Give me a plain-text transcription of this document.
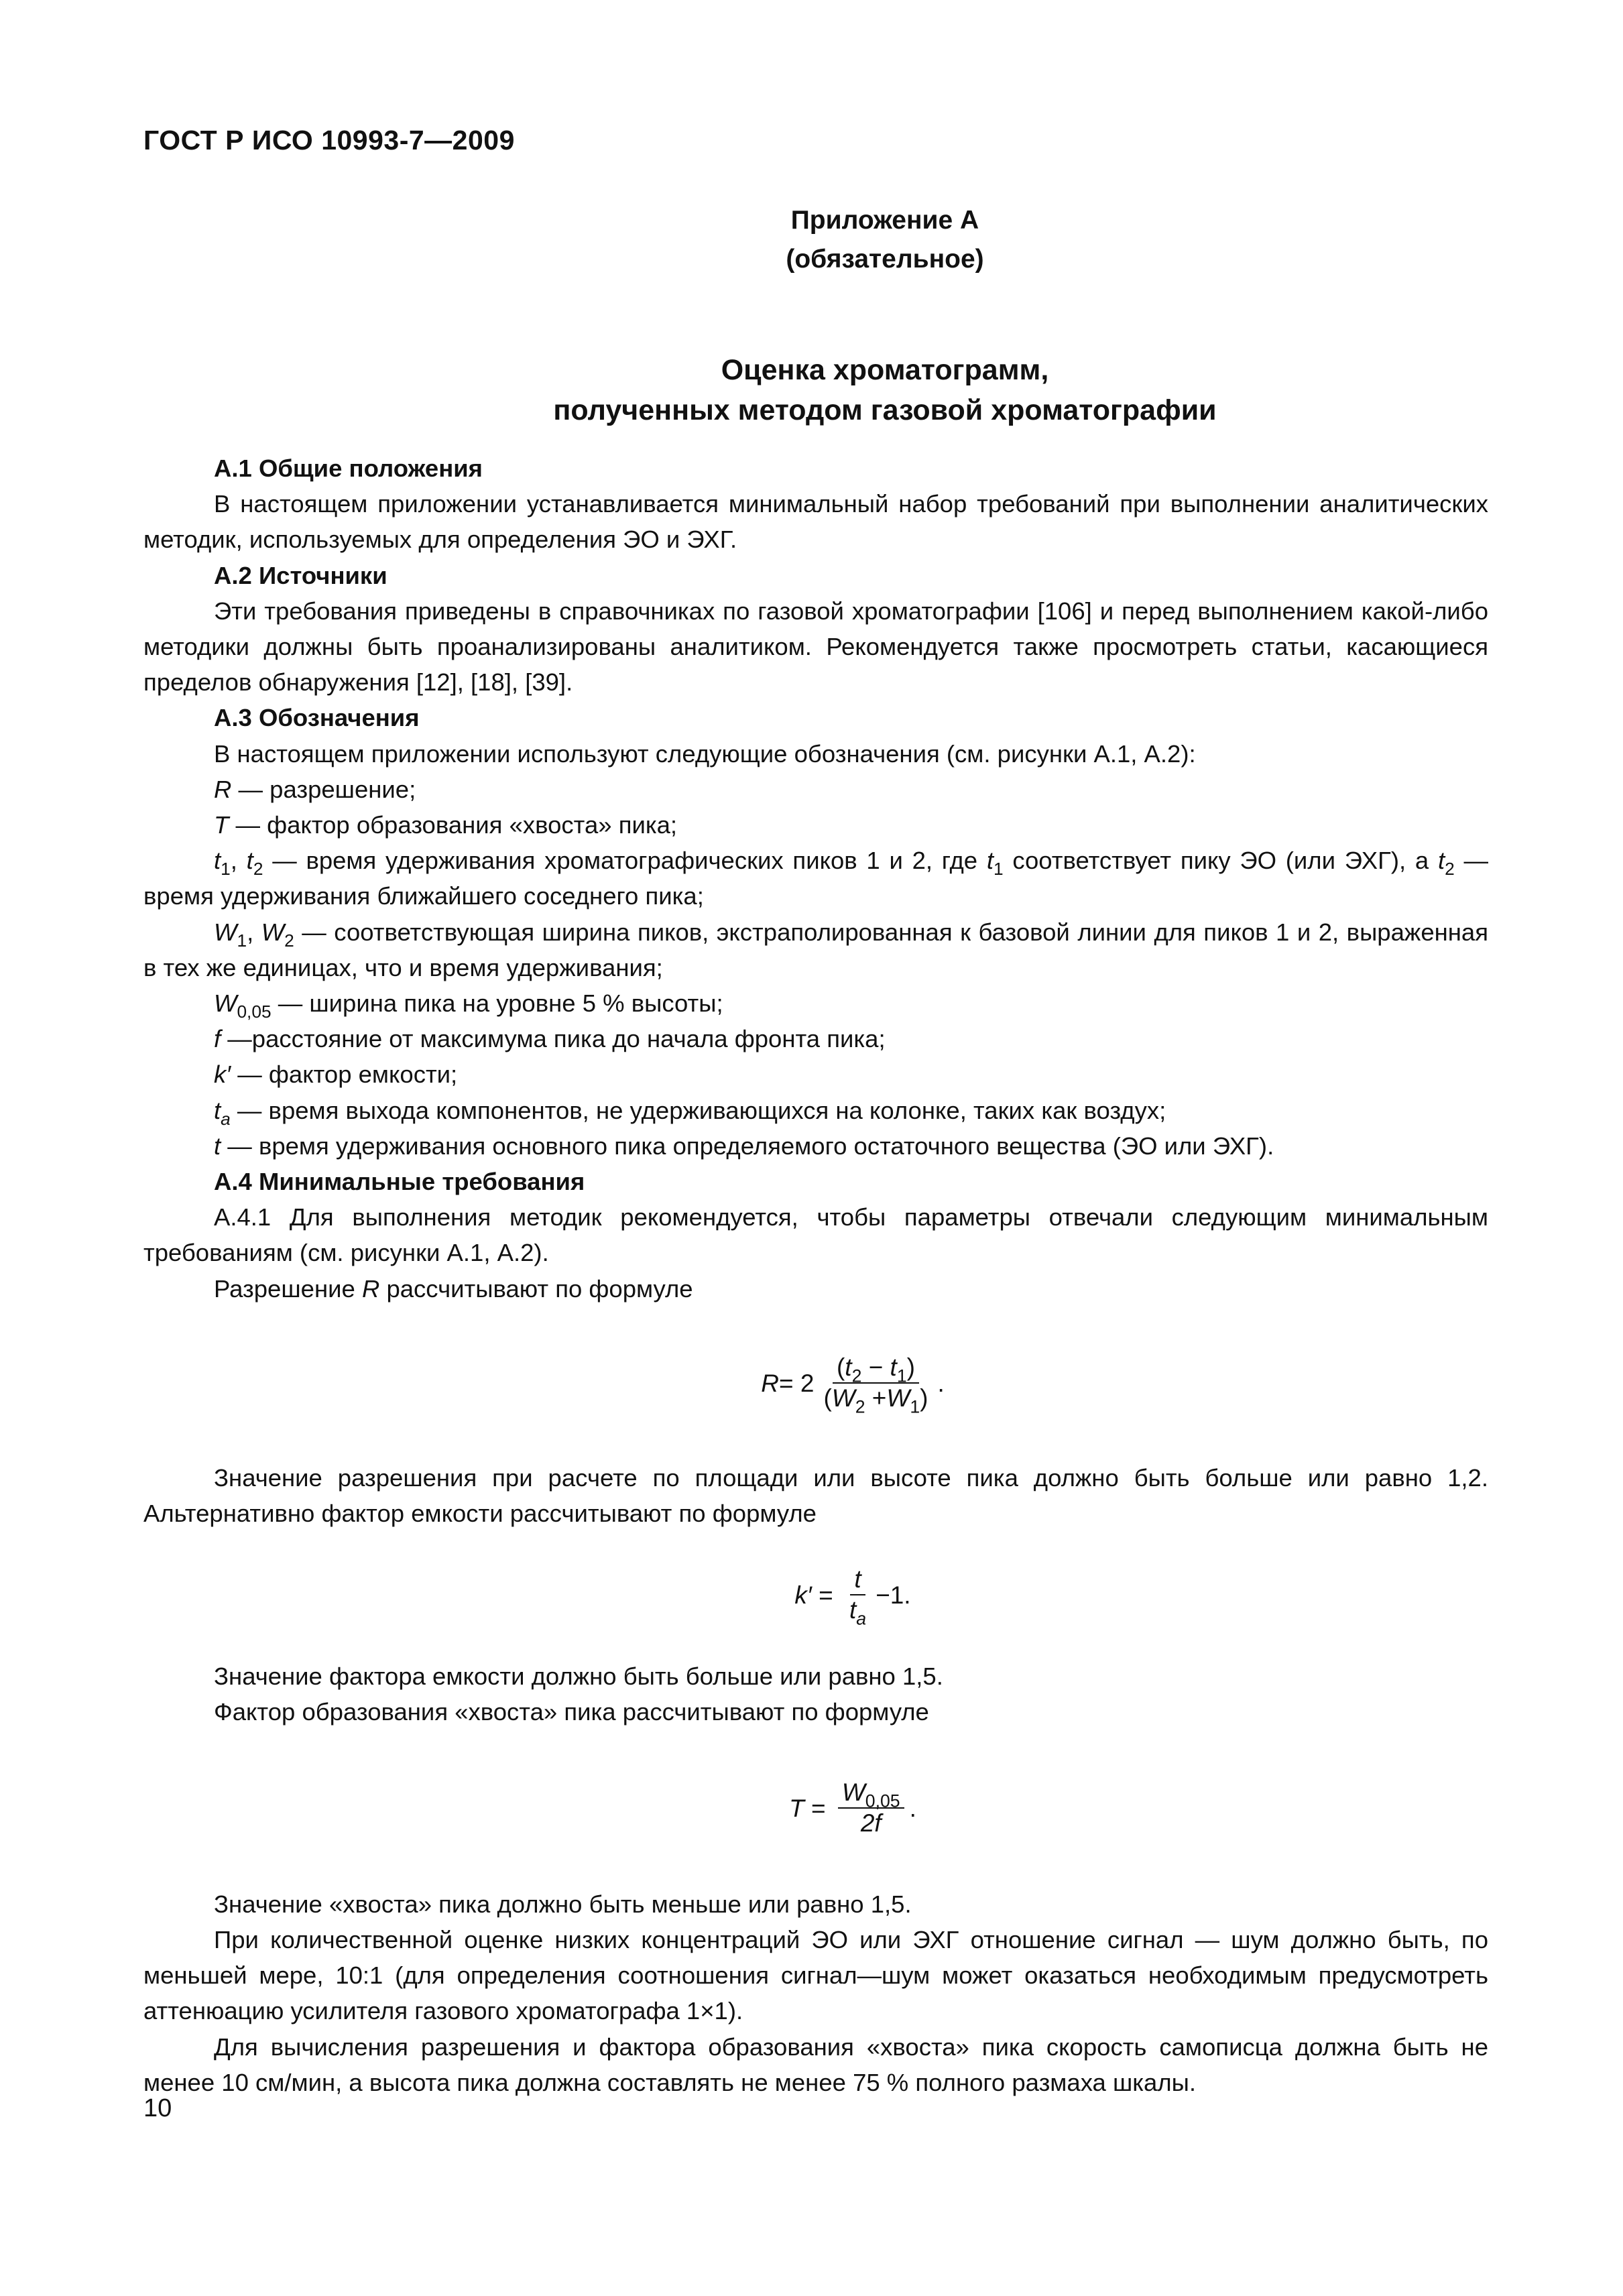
ГОСТ Р ИСО 10993-7—2009
Приложение А
(обязательное)
Оценка хроматограмм,
полученных методом газовой хроматографии

А.1 Общие положения

В настоящем приложении устанавливается минимальный набор требований при выполнении аналитических методик, используемых для определения ЭО и ЭХГ.

А.2 Источники

Эти требования приведены в справочниках по газовой хроматографии [106] и перед выполнением какой-либо методики должны быть проанализированы аналитиком. Рекомендуется также просмотреть статьи, касающиеся пределов обнаружения [12], [18], [39].

А.3 Обозначения

В настоящем приложении используют следующие обозначения (см. рисунки А.1, А.2):

R — разрешение;

T — фактор образования «хвоста» пика;

$t_1$, $t_2$ — время удерживания хроматографических пиков 1 и 2, где $t_1$ соответствует пику ЭО (или ЭХГ), а $t_2$ — время удерживания ближайшего соседнего пика;

$W_1$, $W_2$ — соответствующая ширина пиков, экстраполированная к базовой линии для пиков 1 и 2, выраженная в тех же единицах, что и время удерживания;

$W_{0,05}$ — ширина пика на уровне 5 % высоты;

f —расстояние от максимума пика до начала фронта пика;

k′ — фактор емкости;

$t_a$ — время выхода компонентов, не удерживающихся на колонке, таких как воздух;

t — время удерживания основного пика определяемого остаточного вещества (ЭО или ЭХГ).

А.4 Минимальные требования

А.4.1 Для выполнения методик рекомендуется, чтобы параметры отвечали следующим минимальным требованиям (см. рисунки А.1, А.2).

Разрешение R рассчитывают по формуле

$R = 2 \frac{(t_2 - t_1)}{(W_2 +W_1)}$ .

Значение разрешения при расчете по площади или высоте пика должно быть больше или равно 1,2. Альтернативно фактор емкости рассчитывают по формуле

$k' = \frac{t}{t_a} -1$.

Значение фактора емкости должно быть больше или равно 1,5.

Фактор образования «хвоста» пика рассчитывают по формуле

$T = \frac{W_{0,05}}{2f}$ .

Значение «хвоста» пика должно быть меньше или равно 1,5.

При количественной оценке низких концентраций ЭО или ЭХГ отношение сигнал — шум должно быть, по меньшей мере, 10:1 (для определения соотношения сигнал—шум может оказаться необходимым предусмотреть аттенюацию усилителя газового хроматографа 1×1).

Для вычисления разрешения и фактора образования «хвоста» пика скорость самописца должна быть не менее 10 см/мин, а высота пика должна составлять не менее 75 % полного размаха шкалы.

10
